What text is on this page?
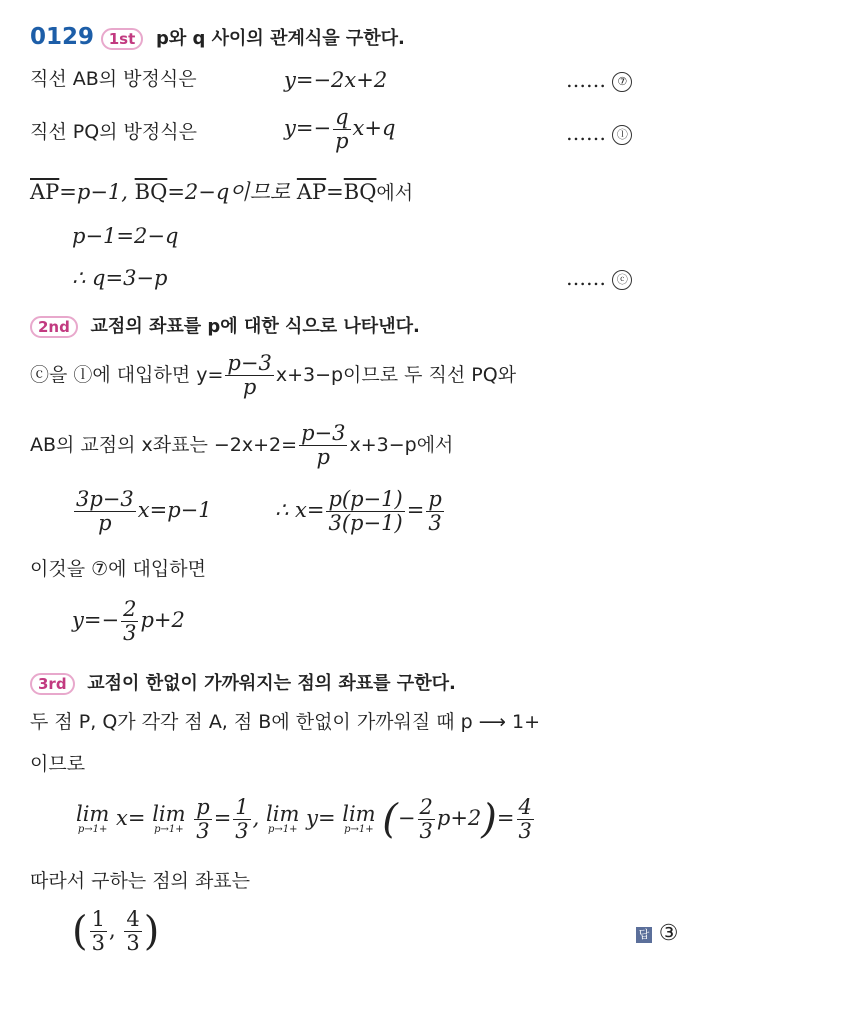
0129 1st p와 q 사이의 관계식을 구한다.
직선 AB의 방정식은	y=−2x+2	…… ⑦
직선 PQ의 방정식은	$y=- \frac{q}{p} x+q$	…… ⓛ
$\overline{AP}=p-1$, $\overline{BQ}=2-q$이므로 $\overline{AP}=\overline{BQ}$에서
p−1=2−q
∴ q=3−p	…… ⓒ
2nd 교점의 좌표를 p에 대한 식으로 나타낸다.
ⓒ을 ⓛ에 대입하면 $y= \frac{p-3}{p} x+3-p$이므로 두 직선 PQ와
AB의 교점의 x좌표는 $-2x+2= \frac{p-3}{p} x+3-p$에서
$\frac{3p-3}{p} x=p-1$	∴ $x= \frac{p(p-1)}{3(p-1)} = \frac{p}{3}$
이것을 ⑦에 대입하면
$y=- \frac{2}{3} p+2$
3rd 교점이 한없이 가까워지는 점의 좌표를 구한다.
두 점 P, Q가 각각 점 A, 점 B에 한없이 가까워질 때 p ⟶ 1+
이므로
lim
p→1+ x= lim
p→1+
$\frac{p}{3} = \frac{1}{3}$ , lim
p→1+ y= lim
p→1+ (− $\frac{2}{3} p+2)= \frac{4}{3}$
따라서 구하는 점의 좌표는
( $\frac{1}{3}$ , $\frac{4}{3}$ )	답 ③
